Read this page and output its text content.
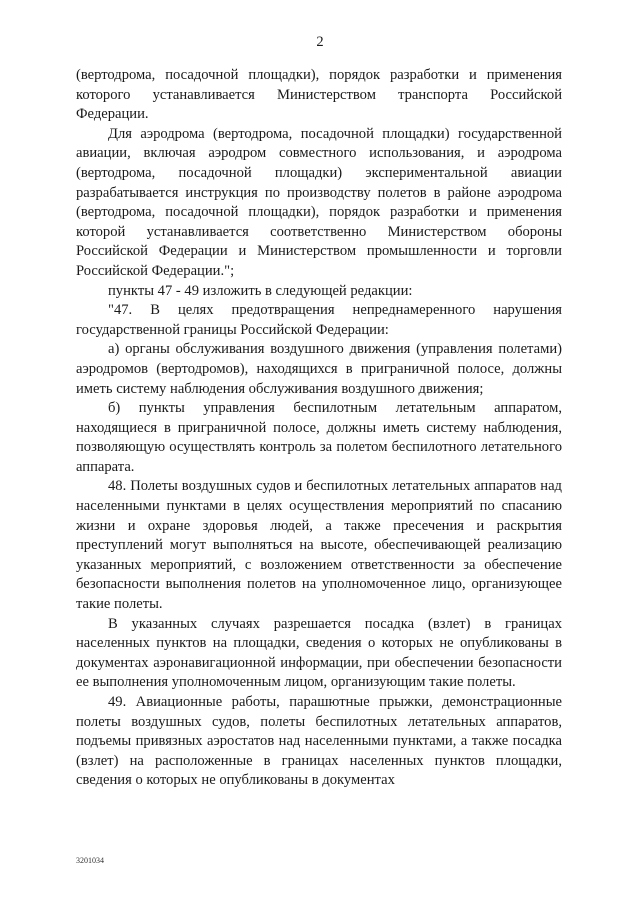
2

(вертодрома, посадочной площадки), порядок разработки и применения которого устанавливается Министерством транспорта Российской Федерации.

Для аэродрома (вертодрома, посадочной площадки) государственной авиации, включая аэродром совместного использования, и аэродрома (вертодрома, посадочной площадки) экспериментальной авиации разрабатывается инструкция по производству полетов в районе аэродрома (вертодрома, посадочной площадки), порядок разработки и применения которой устанавливается соответственно Министерством обороны Российской Федерации и Министерством промышленности и торговли Российской Федерации.";

пункты 47 - 49 изложить в следующей редакции:

"47. В целях предотвращения непреднамеренного нарушения государственной границы Российской Федерации:

а) органы обслуживания воздушного движения (управления полетами) аэродромов (вертодромов), находящихся в приграничной полосе, должны иметь систему наблюдения обслуживания воздушного движения;

б) пункты управления беспилотным летательным аппаратом, находящиеся в приграничной полосе, должны иметь систему наблюдения, позволяющую осуществлять контроль за полетом беспилотного летательного аппарата.

48. Полеты воздушных судов и беспилотных летательных аппаратов над населенными пунктами в целях осуществления мероприятий по спасанию жизни и охране здоровья людей, а также пресечения и раскрытия преступлений могут выполняться на высоте, обеспечивающей реализацию указанных мероприятий, с возложением ответственности за обеспечение безопасности выполнения полетов на уполномоченное лицо, организующее такие полеты.

В указанных случаях разрешается посадка (взлет) в границах населенных пунктов на площадки, сведения о которых не опубликованы в документах аэронавигационной информации, при обеспечении безопасности ее выполнения уполномоченным лицом, организующим такие полеты.

49. Авиационные работы, парашютные прыжки, демонстрационные полеты воздушных судов, полеты беспилотных летательных аппаратов, подъемы привязных аэростатов над населенными пунктами, а также посадка (взлет) на расположенные в границах населенных пунктов площадки, сведения о которых не опубликованы в документах

3201034
